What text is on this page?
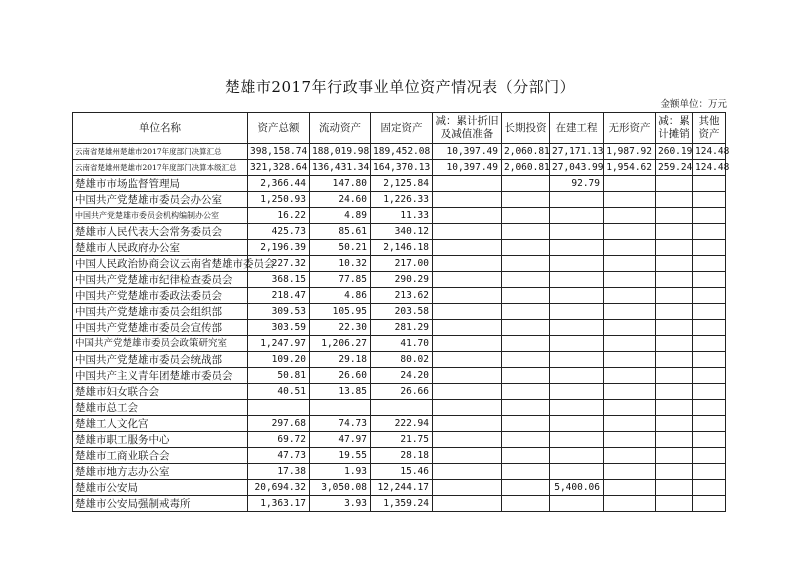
楚雄市2017年行政事业单位资产情况表（分部门）
金额单位：万元
单位名称	资产总额	流动资产	固定资产	减：累计折旧及减值准备	长期投资	在建工程	无形资产	减：累计摊销	其他资产
云南省楚雄州楚雄市2017年度部门决算汇总	398,158.74	188,019.98	189,452.08	10,397.49	2,060.81	27,171.13	1,987.92	260.19	124.48
云南省楚雄州楚雄市2017年度部门决算本级汇总	321,328.64	136,431.34	164,370.13	10,397.49	2,060.81	27,043.99	1,954.62	259.24	124.48
楚雄市市场监督管理局	2,366.44	147.80	2,125.84			92.79			
中国共产党楚雄市委员会办公室	1,250.93	24.60	1,226.33						
中国共产党楚雄市委员会机构编制办公室	16.22	4.89	11.33						
楚雄市人民代表大会常务委员会	425.73	85.61	340.12						
楚雄市人民政府办公室	2,196.39	50.21	2,146.18						
中国人民政治协商会议云南省楚雄市委员会	227.32	10.32	217.00						
中国共产党楚雄市纪律检查委员会	368.15	77.85	290.29						
中国共产党楚雄市委政法委员会	218.47	4.86	213.62						
中国共产党楚雄市委员会组织部	309.53	105.95	203.58						
中国共产党楚雄市委员会宣传部	303.59	22.30	281.29						
中国共产党楚雄市委员会政策研究室	1,247.97	1,206.27	41.70						
中国共产党楚雄市委员会统战部	109.20	29.18	80.02						
中国共产主义青年团楚雄市委员会	50.81	26.60	24.20						
楚雄市妇女联合会	40.51	13.85	26.66						
楚雄市总工会									
楚雄工人文化宫	297.68	74.73	222.94						
楚雄市职工服务中心	69.72	47.97	21.75						
楚雄市工商业联合会	47.73	19.55	28.18						
楚雄市地方志办公室	17.38	1.93	15.46						
楚雄市公安局	20,694.32	3,050.08	12,244.17			5,400.06			
楚雄市公安局强制戒毒所	1,363.17	3.93	1,359.24						
